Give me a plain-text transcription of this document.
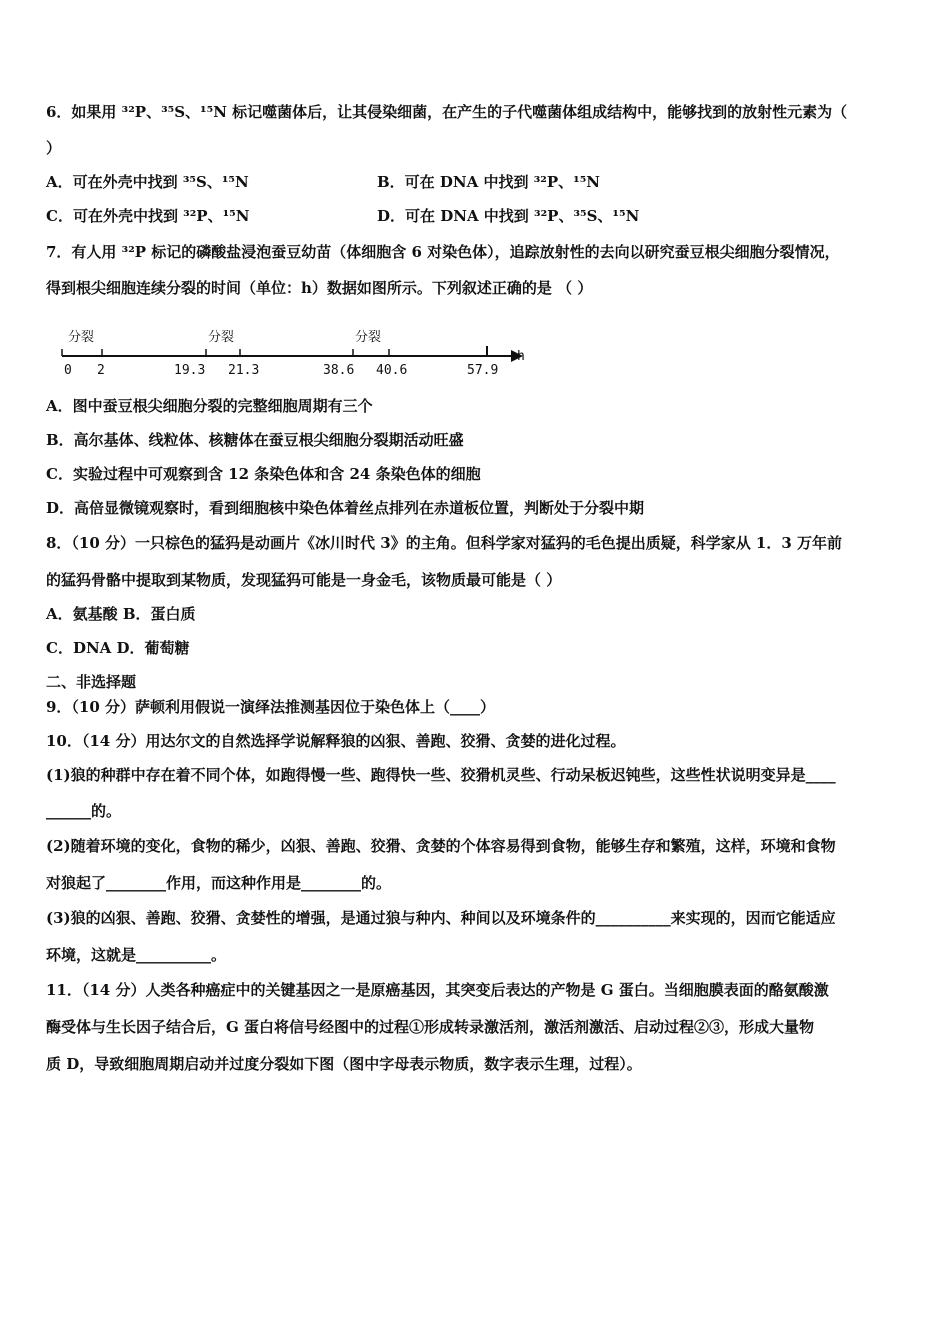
6．如果用 ³²P、³⁵S、¹⁵N 标记噬菌体后，让其侵染细菌，在产生的子代噬菌体组成结构中，能够找到的放射性元素为（
）
A．可在外壳中找到 ³⁵S、¹⁵N	B．可在 DNA 中找到 ³²P、¹⁵N
C．可在外壳中找到 ³²P、¹⁵N	D．可在 DNA 中找到 ³²P、³⁵S、¹⁵N
7．有人用 ³²P 标记的磷酸盐浸泡蚕豆幼苗（体细胞含 6 对染色体），追踪放射性的去向以研究蚕豆根尖细胞分裂情况，
得到根尖细胞连续分裂的时间（单位：h）数据如图所示。下列叙述正确的是 （ ）
h
分裂	分裂	分裂
0 2	19.3 21.3	38.6 40.6	57.9
A．图中蚕豆根尖细胞分裂的完整细胞周期有三个
B．高尔基体、线粒体、核糖体在蚕豆根尖细胞分裂期活动旺盛
C．实验过程中可观察到含 12 条染色体和含 24 条染色体的细胞
D．高倍显微镜观察时，看到细胞核中染色体着丝点排列在赤道板位置，判断处于分裂中期
8．（10 分）一只棕色的猛犸是动画片《冰川时代 3》的主角。但科学家对猛犸的毛色提出质疑，科学家从 1．3 万年前
的猛犸骨骼中提取到某物质，发现猛犸可能是一身金毛，该物质最可能是（ ）
A．氨基酸 B．蛋白质
C．DNA D．葡萄糖
二、非选择题
9．（10 分）萨顿利用假说一演绎法推测基因位于染色体上（____）
10．（14 分）用达尔文的自然选择学说解释狼的凶狠、善跑、狡猾、贪婪的进化过程。
(1)狼的种群中存在着不同个体，如跑得慢一些、跑得快一些、狡猾机灵些、行动呆板迟钝些，这些性状说明变异是____
______的。
(2)随着环境的变化，食物的稀少，凶狠、善跑、狡猾、贪婪的个体容易得到食物，能够生存和繁殖，这样，环境和食物
对狼起了________作用，而这种作用是________的。
(3)狼的凶狠、善跑、狡猾、贪婪性的增强，是通过狼与种内、种间以及环境条件的__________来实现的，因而它能适应
环境，这就是__________。
11．（14 分）人类各种癌症中的关键基因之一是原癌基因，其突变后表达的产物是 G 蛋白。当细胞膜表面的酪氨酸激
酶受体与生长因子结合后，G 蛋白将信号经图中的过程①形成转录激活剂，激活剂激活、启动过程②③，形成大量物
质 D，导致细胞周期启动并过度分裂如下图（图中字母表示物质，数字表示生理，过程）。
